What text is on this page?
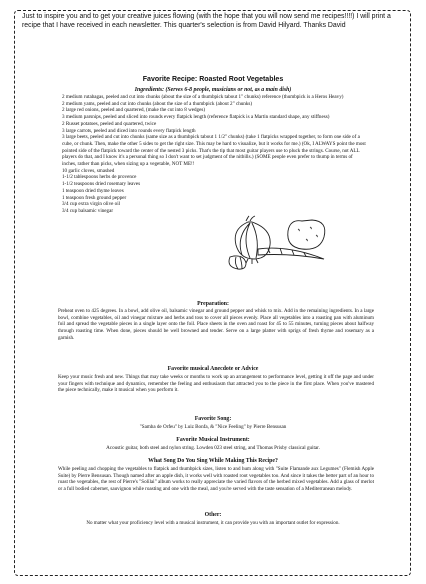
Just to inspire you and to get your creative juices flowing (with the hope that you will now send me recipes!!!!) I will print a recipe that I have received in each newsletter. This quarter's selection is from David Hilyard. Thanks David
Favorite Recipe: Roasted Root Vegetables
Ingredients: (Serves 6-8 people, musicians or not, as a main dish)
2 medium rutabagas, peeled and cut into chunks (about the size of a thumbpick tabout 1" chunks) reference (thumbpick is a Heros Heavy)
2 medium yams, peeled and cut into chunks (about the size of a thumbpick (about 2" chunks)
2 large red onions, peeled and quartered, (make the cut into 8 wedges)
3 medium parsnips, peeled and sliced into rounds every flatpick length (reference flatpick is a Martin standard shape, any stiffness)
2 Russet potatoes, peeled and quartered, twice
3 large carrots, peeled and diced into rounds every flatpick length
3 large beets, peeled and cut into chunks (same size as a thumbpick tabout 1 1/2" chunks) (take 1 flatpicks wrapped together, to form one side of a cube, or chunk. Then, make the other 5 sides to get the right size. This may be hard to visualize, but it works for me.) (Ok, I ALWAYS point the most pointed side of the flatpick toward the center of the nested 3 picks. That's the tip that most guitar players use to pluck the strings. Course, not ALL players do that, and I know it's a personal thing so I don't want to set judgment of the nitbills.) (SOME people even prefer to thump in terms of inches, rather than picks, when sizing up a vegetable, NOT ME!!
10 garlic cloves, smashed
1-1/2 tablespoons herbs de provence
1-1/2 teaspoons dried rosemary leaves
1 teaspoon dried thyme leaves
1 teaspoon fresh ground pepper
3/4 cup extra virgin olive oil
3/4 cup balsamic vinegar
Preparation:
Preheat oven to 425 degrees. In a bowl, add olive oil, balsamic vinegar and ground pepper and whisk to mix. Add in the remaining ingredients. In a large bowl, combine vegetables, oil and vinegar mixture and herbs and toss to cover all pieces evenly. Place all vegetables into a roasting pan with aluminum foil and spread the vegetable pieces in a single layer onto the foil. Place sheets in the oven and roast for 45 to 55 minutes, turning pieces about halfway through roasting time. When done, pieces should be well browned and tender. Serve on a large platter with sprigs of fresh thyme and rosemary as a garnish.
Favorite musical Anecdote or Advice
Keep your music fresh and new. Things that may take weeks or months to work up an arrangement to performance level, getting it off the page and under your fingers with technique and dynamics, remember the feeling and enthusiasm that attracted you to the piece in the first place. When you've mastered the piece technically, make it musical when you perform it.
Favorite Song:
"Samba de Orfeu" by Luiz Bonfa, & "Nice Feeling" by Pierre Bensusan
Favorite Musical Instrument:
Acoustic guitar, both steel and nylon string. Lowden 023 steel string, and Thomas Prisby classical guitar.
What Song Do You Sing While Making This Recipe?
While peeling and chopping the vegetables to flatpick and thumbpick sizes, listen to and hum along with "Suite Flamande aux Legumes" (Flemish Apple Suite) by Pierre Bensusan. Though named after an apple dish, it works well with roasted root vegetables too. And since it takes the better part of an hour to roast the vegetables, the rest of Pierre's "Solilai" album works to really appreciate the varied flavors of the herbed mixed vegetables. Add a glass of merlot or a full bodied cabernet, sauvignon while roasting and one with the meal, and you're served with the taste sensation of a Mediterranean melody.
Other:
No matter what your proficiency level with a musical instrument, it can provide you with an important outlet for expression.
